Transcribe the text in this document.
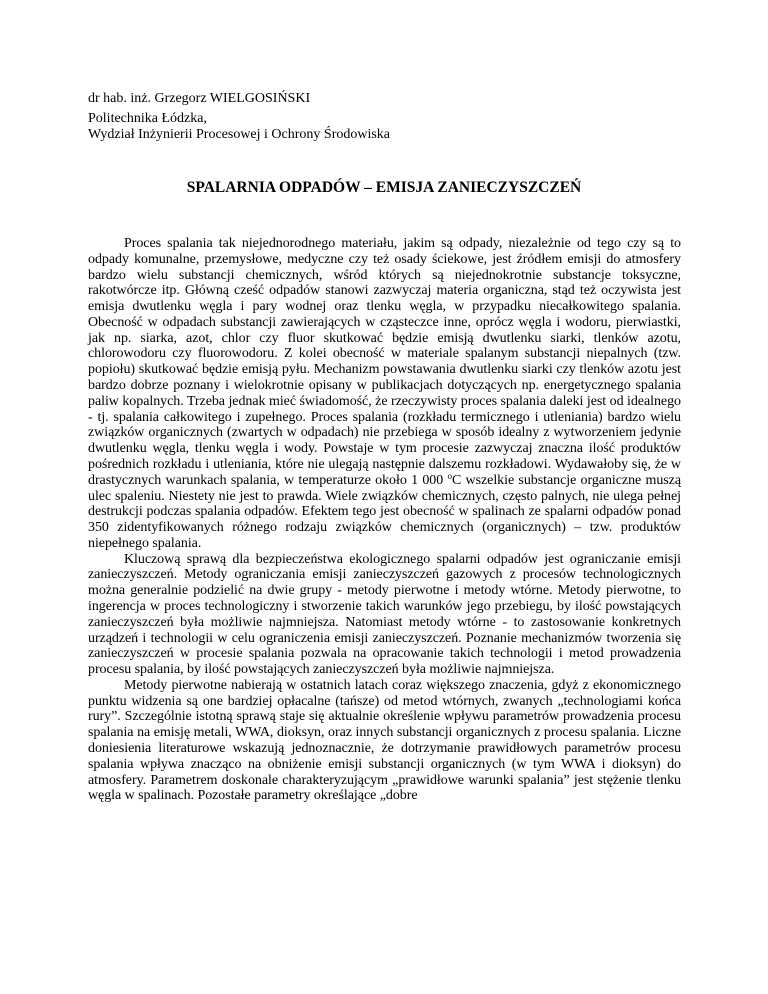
dr hab. inż. Grzegorz WIELGOSIŃSKI

Politechnika Łódzka,
Wydział Inżynierii Procesowej i Ochrony Środowiska

SPALARNIA ODPADÓW – EMISJA ZANIECZYSZCZEŃ

Proces spalania tak niejednorodnego materiału, jakim są odpady, niezależnie od tego czy są to odpady komunalne, przemysłowe, medyczne czy też osady ściekowe, jest źródłem emisji do atmosfery bardzo wielu substancji chemicznych, wśród których są niejednokrotnie substancje toksyczne, rakotwórcze itp. Główną cześć odpadów stanowi zazwyczaj materia organiczna, stąd też oczywista jest emisja dwutlenku węgla i pary wodnej oraz tlenku węgla, w przypadku niecałkowitego spalania. Obecność w odpadach substancji zawierających w cząsteczce inne, oprócz węgla i wodoru, pierwiastki, jak np. siarka, azot, chlor czy fluor skutkować będzie emisją dwutlenku siarki, tlenków azotu, chlorowodoru czy fluorowodoru. Z kolei obecność w materiale spalanym substancji niepalnych (tzw. popiołu) skutkować będzie emisją pyłu. Mechanizm powstawania dwutlenku siarki czy tlenków azotu jest bardzo dobrze poznany i wielokrotnie opisany w publikacjach dotyczących np. energetycznego spalania paliw kopalnych. Trzeba jednak mieć świadomość, że rzeczywisty proces spalania daleki jest od idealnego - tj. spalania całkowitego i zupełnego. Proces spalania (rozkładu termicznego i utleniania) bardzo wielu związków organicznych (zwartych w odpadach) nie przebiega w sposób idealny z wytworzeniem jedynie dwutlenku węgla, tlenku węgla i wody. Powstaje w tym procesie zazwyczaj znaczna ilość produktów pośrednich rozkładu i utleniania, które nie ulegają następnie dalszemu rozkładowi. Wydawałoby się, że w drastycznych warunkach spalania, w temperaturze około 1 000 $^o$C wszelkie substancje organiczne muszą ulec spaleniu. Niestety nie jest to prawda. Wiele związków chemicznych, często palnych, nie ulega pełnej destrukcji podczas spalania odpadów. Efektem tego jest obecność w spalinach ze spalarni odpadów ponad 350 zidentyfikowanych różnego rodzaju związków chemicznych (organicznych) – tzw. produktów niepełnego spalania.

Kluczową sprawą dla bezpieczeństwa ekologicznego spalarni odpadów jest ograniczanie emisji zanieczyszczeń. Metody ograniczania emisji zanieczyszczeń gazowych z procesów technologicznych można generalnie podzielić na dwie grupy - metody pierwotne i metody wtórne. Metody pierwotne, to ingerencja w proces technologiczny i stworzenie takich warunków jego przebiegu, by ilość powstających zanieczyszczeń była możliwie najmniejsza. Natomiast metody wtórne - to zastosowanie konkretnych urządzeń i technologii w celu ograniczenia emisji zanieczyszczeń. Poznanie mechanizmów tworzenia się zanieczyszczeń w procesie spalania pozwala na opracowanie takich technologii i metod prowadzenia procesu spalania, by ilość powstających zanieczyszczeń była możliwie najmniejsza.

Metody pierwotne nabierają w ostatnich latach coraz większego znaczenia, gdyż z ekonomicznego punktu widzenia są one bardziej opłacalne (tańsze) od metod wtórnych, zwanych „technologiami końca rury”. Szczególnie istotną sprawą staje się aktualnie określenie wpływu parametrów prowadzenia procesu spalania na emisję metali, WWA, dioksyn, oraz innych substancji organicznych z procesu spalania. Liczne doniesienia literaturowe wskazują jednoznacznie, że dotrzymanie prawidłowych parametrów procesu spalania wpływa znacząco na obniżenie emisji substancji organicznych (w tym WWA i dioksyn) do atmosfery. Parametrem doskonale charakteryzującym „prawidłowe warunki spalania” jest stężenie tlenku węgla w spalinach. Pozostałe parametry określające „dobre
